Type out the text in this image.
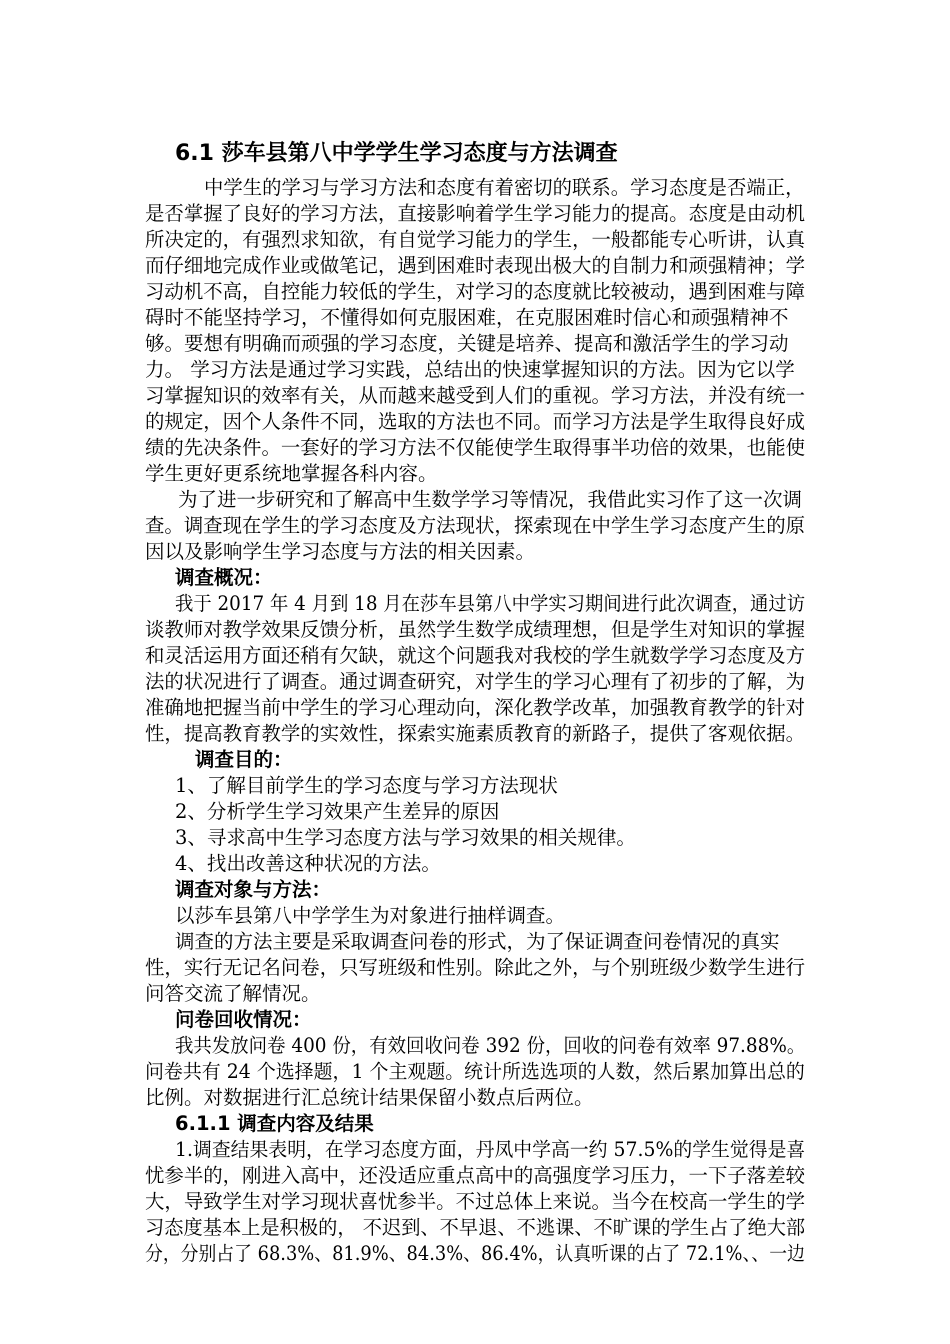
6.1 莎车县第八中学学生学习态度与方法调查

中学生的学习与学习方法和态度有着密切的联系。学习态度是否端正，

是否掌握了良好的学习方法，直接影响着学生学习能力的提高。态度是由动机

所决定的，有强烈求知欲，有自觉学习能力的学生，一般都能专心听讲，认真

而仔细地完成作业或做笔记，遇到困难时表现出极大的自制力和顽强精神；学

习动机不高，自控能力较低的学生，对学习的态度就比较被动，遇到困难与障

碍时不能坚持学习，不懂得如何克服困难，在克服困难时信心和顽强精神不

够。要想有明确而顽强的学习态度，关键是培养、提高和激活学生的学习动

力。 学习方法是通过学习实践，总结出的快速掌握知识的方法。因为它以学

习掌握知识的效率有关，从而越来越受到人们的重视。学习方法，并没有统一

的规定，因个人条件不同，选取的方法也不同。而学习方法是学生取得良好成

绩的先决条件。一套好的学习方法不仅能使学生取得事半功倍的效果，也能使

学生更好更系统地掌握各科内容。

为了进一步研究和了解高中生数学学习等情况，我借此实习作了这一次调

查。调查现在学生的学习态度及方法现状，探索现在中学生学习态度产生的原

因以及影响学生学习态度与方法的相关因素。

调查概况：

我于 2017 年 4 月到 18 月在莎车县第八中学实习期间进行此次调查，通过访

谈教师对教学效果反馈分析，虽然学生数学成绩理想，但是学生对知识的掌握

和灵活运用方面还稍有欠缺，就这个问题我对我校的学生就数学学习态度及方

法的状况进行了调查。通过调查研究，对学生的学习心理有了初步的了解，为

准确地把握当前中学生的学习心理动向，深化教学改革，加强教育教学的针对

性，提高教育教学的实效性，探索实施素质教育的新路子，提供了客观依据。

调查目的：

1、了解目前学生的学习态度与学习方法现状

2、分析学生学习效果产生差异的原因

3、寻求高中生学习态度方法与学习效果的相关规律。

4、找出改善这种状况的方法。

调查对象与方法：

以莎车县第八中学学生为对象进行抽样调查。

调查的方法主要是采取调查问卷的形式，为了保证调查问卷情况的真实

性，实行无记名问卷，只写班级和性别。除此之外，与个别班级少数学生进行

问答交流了解情况。

问卷回收情况：

我共发放问卷 400 份，有效回收问卷 392 份，回收的问卷有效率 97.88%。

问卷共有 24 个选择题，1 个主观题。统计所选选项的人数，然后累加算出总的

比例。对数据进行汇总统计结果保留小数点后两位。

6.1.1 调查内容及结果

1.调查结果表明，在学习态度方面，丹凤中学高一约 57.5%的学生觉得是喜

忧参半的，刚进入高中，还没适应重点高中的高强度学习压力，一下子落差较

大，导致学生对学习现状喜忧参半。不过总体上来说。当今在校高一学生的学

习态度基本上是积极的， 不迟到、不早退、不逃课、不旷课的学生占了绝大部

分，分别占了 68.3%、81.9%、84.3%、86.4%，认真听课的占了 72.1%、、一边
